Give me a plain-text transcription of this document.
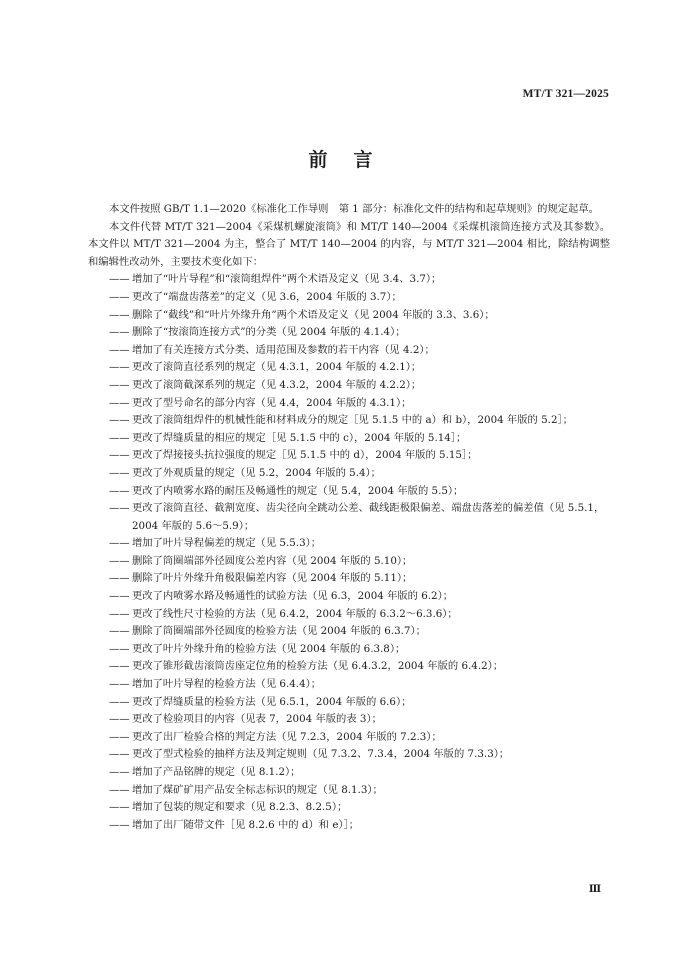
MT/T 321—2025
前言

本文件按照 GB/T 1.1—2020《标准化工作导则　第 1 部分：标准化文件的结构和起草规则》的规定起草。

本文件代替 MT/T 321—2004《采煤机螺旋滚筒》和 MT/T 140—2004《采煤机滚筒连接方式及其参数》。本文件以 MT/T 321—2004 为主，整合了 MT/T 140—2004 的内容，与 MT/T 321—2004 相比，除结构调整和编辑性改动外，主要技术变化如下：

—— 增加了“叶片导程”和“滚筒组焊件”两个术语及定义（见 3.4、3.7）；
—— 更改了“端盘齿落差”的定义（见 3.6，2004 年版的 3.7）；
—— 删除了“截线”和“叶片外缘升角”两个术语及定义（见 2004 年版的 3.3、3.6）；
—— 删除了“按滚筒连接方式”的分类（见 2004 年版的 4.1.4）；
—— 增加了有关连接方式分类、适用范围及参数的若干内容（见 4.2）；
—— 更改了滚筒直径系列的规定（见 4.3.1，2004 年版的 4.2.1）；
—— 更改了滚筒截深系列的规定（见 4.3.2，2004 年版的 4.2.2）；
—— 更改了型号命名的部分内容（见 4.4，2004 年版的 4.3.1）；
—— 更改了滚筒组焊件的机械性能和材料成分的规定［见 5.1.5 中的 a）和 b），2004 年版的 5.2］；
—— 更改了焊缝质量的相应的规定［见 5.1.5 中的 c），2004 年版的 5.14］；
—— 更改了焊接接头抗拉强度的规定［见 5.1.5 中的 d），2004 年版的 5.15］；
—— 更改了外观质量的规定（见 5.2，2004 年版的 5.4）；
—— 更改了内喷雾水路的耐压及畅通性的规定（见 5.4，2004 年版的 5.5）；
—— 更改了滚筒直径、截割宽度、齿尖径向全跳动公差、截线距极限偏差、端盘齿落差的偏差值（见 5.5.1，2004 年版的 5.6～5.9）；
—— 增加了叶片导程偏差的规定（见 5.5.3）；
—— 删除了筒圈端部外径圆度公差内容（见 2004 年版的 5.10）；
—— 删除了叶片外缘升角极限偏差内容（见 2004 年版的 5.11）；
—— 更改了内喷雾水路及畅通性的试验方法（见 6.3，2004 年版的 6.2）；
—— 更改了线性尺寸检验的方法（见 6.4.2，2004 年版的 6.3.2～6.3.6）；
—— 删除了筒圈端部外径圆度的检验方法（见 2004 年版的 6.3.7）；
—— 更改了叶片外缘升角的检验方法（见 2004 年版的 6.3.8）；
—— 更改了锥形截齿滚筒齿座定位角的检验方法（见 6.4.3.2，2004 年版的 6.4.2）；
—— 增加了叶片导程的检验方法（见 6.4.4）；
—— 更改了焊缝质量的检验方法（见 6.5.1，2004 年版的 6.6）；
—— 更改了检验项目的内容（见表 7，2004 年版的表 3）；
—— 更改了出厂检验合格的判定方法（见 7.2.3，2004 年版的 7.2.3）；
—— 更改了型式检验的抽样方法及判定规则（见 7.3.2、7.3.4，2004 年版的 7.3.3）；
—— 增加了产品铭牌的规定（见 8.1.2）；
—— 增加了煤矿矿用产品安全标志标识的规定（见 8.1.3）；
—— 增加了包装的规定和要求（见 8.2.3、8.2.5）；
—— 增加了出厂随带文件［见 8.2.6 中的 d）和 e）］；
Ⅲ
